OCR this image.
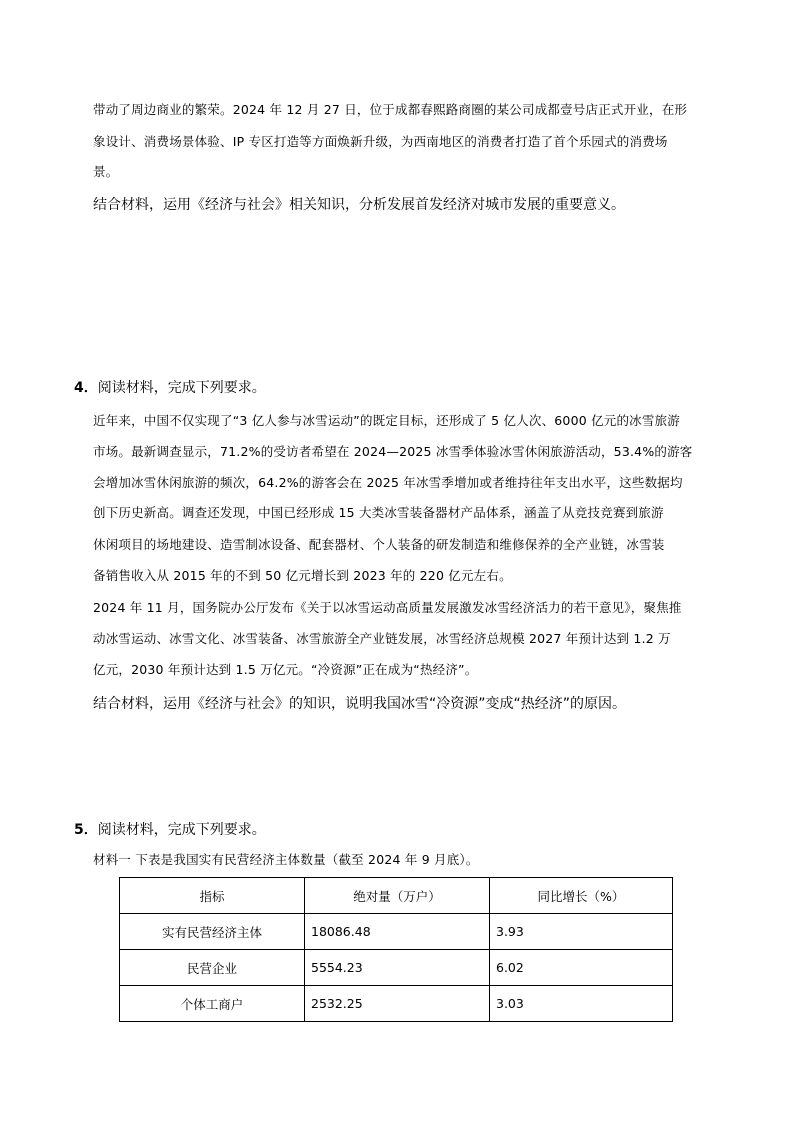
带动了周边商业的繁荣。2024 年 12 月 27 日，位于成都春熙路商圈的某公司成都壹号店正式开业，在形
象设计、消费场景体验、IP 专区打造等方面焕新升级，为西南地区的消费者打造了首个乐园式的消费场
景。
结合材料，运用《经济与社会》相关知识，分析发展首发经济对城市发展的重要意义。
4．阅读材料，完成下列要求。
近年来，中国不仅实现了“3 亿人参与冰雪运动”的既定目标，还形成了 5 亿人次、6000 亿元的冰雪旅游
市场。最新调查显示，71.2%的受访者希望在 2024—2025 冰雪季体验冰雪休闲旅游活动，53.4%的游客
会增加冰雪休闲旅游的频次，64.2%的游客会在 2025 年冰雪季增加或者维持往年支出水平，这些数据均
创下历史新高。调查还发现，中国已经形成 15 大类冰雪装备器材产品体系，涵盖了从竞技竞赛到旅游
休闲项目的场地建设、造雪制冰设备、配套器材、个人装备的研发制造和维修保养的全产业链，冰雪装
备销售收入从 2015 年的不到 50 亿元增长到 2023 年的 220 亿元左右。
2024 年 11 月，国务院办公厅发布《关于以冰雪运动高质量发展激发冰雪经济活力的若干意见》，聚焦推
动冰雪运动、冰雪文化、冰雪装备、冰雪旅游全产业链发展，冰雪经济总规模 2027 年预计达到 1.2 万
亿元，2030 年预计达到 1.5 万亿元。“冷资源”正在成为“热经济”。
结合材料，运用《经济与社会》的知识，说明我国冰雪“冷资源”变成“热经济”的原因。
5．阅读材料，完成下列要求。
材料一 下表是我国实有民营经济主体数量（截至 2024 年 9 月底）。
指标	绝对量（万户）	同比增长（%）
实有民营经济主体	18086.48	3.93
民营企业	5554.23	6.02
个体工商户	2532.25	3.03
